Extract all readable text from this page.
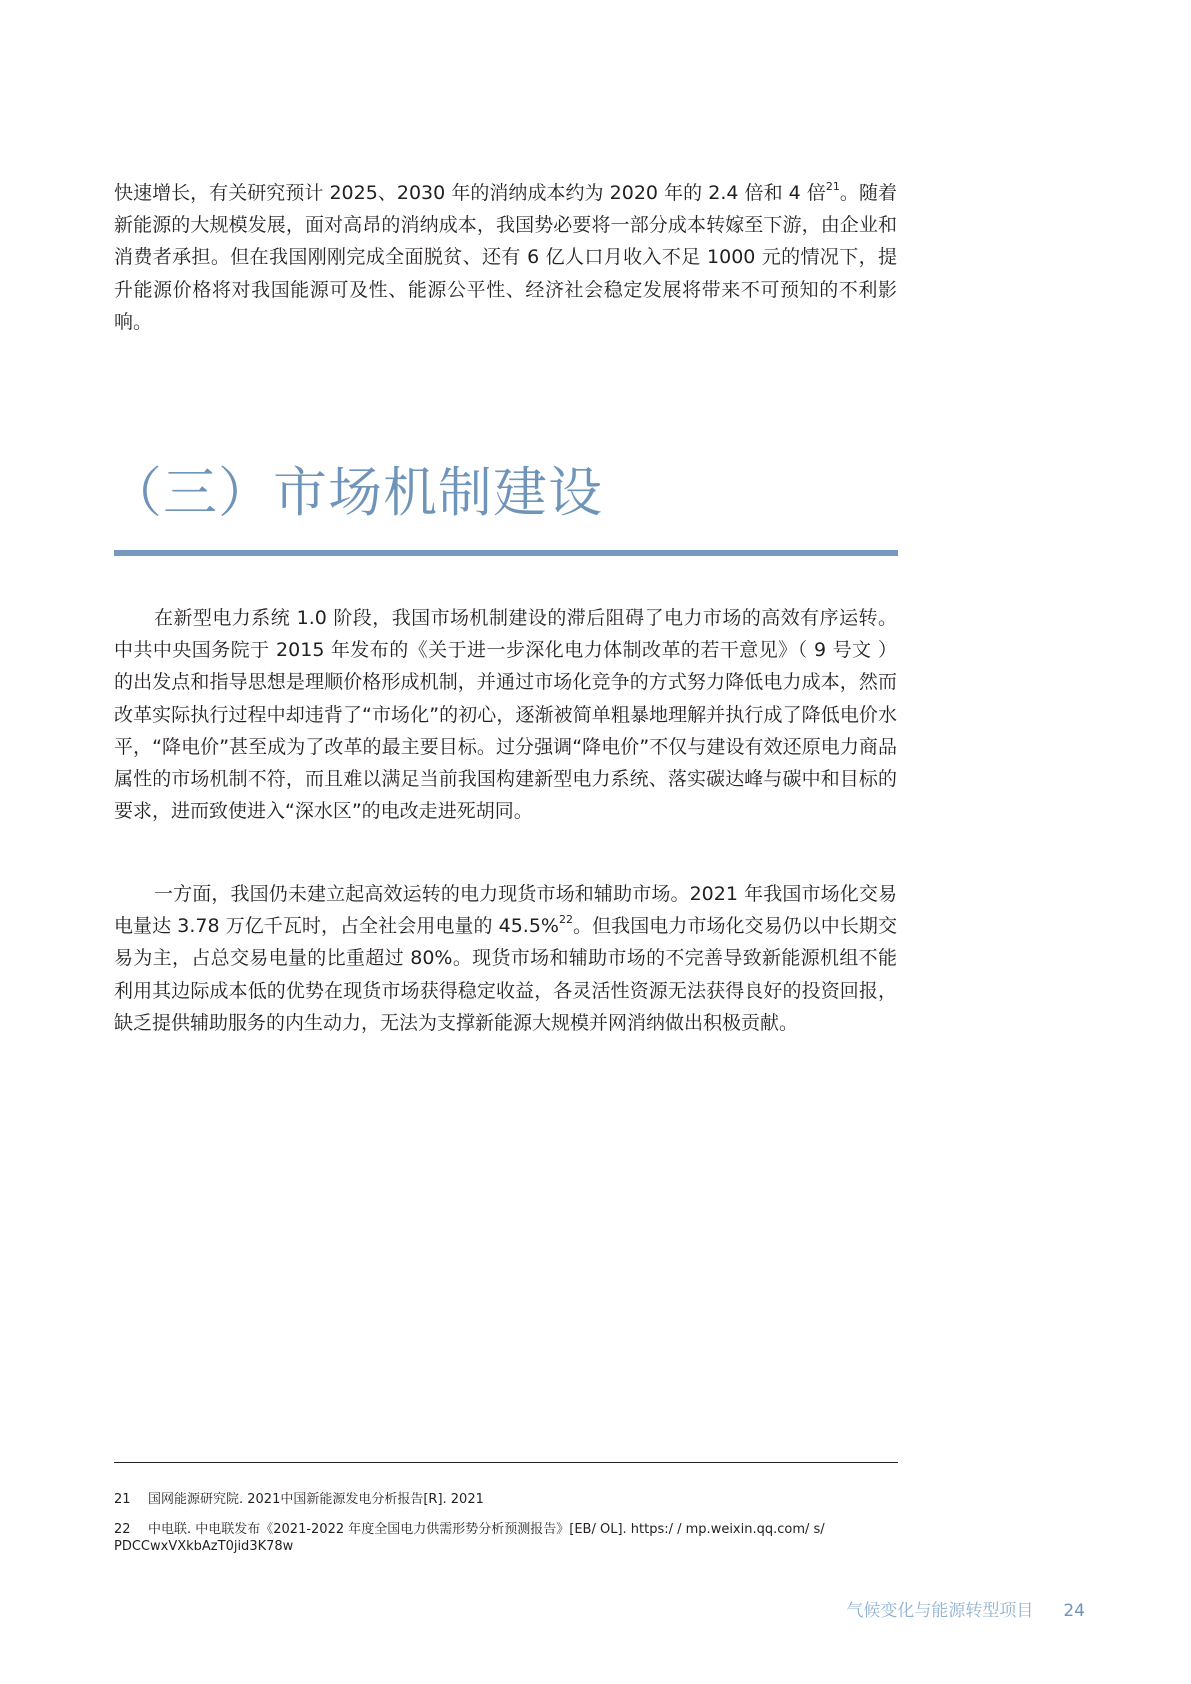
快速增长，有关研究预计 2025、2030 年的消纳成本约为 2020 年的 2.4 倍和 4 倍$^{21}$。随着新能源的大规模发展，面对高昂的消纳成本，我国势必要将一部分成本转嫁至下游，由企业和消费者承担。但在我国刚刚完成全面脱贫、还有 6 亿人口月收入不足 1000 元的情况下，提升能源价格将对我国能源可及性、能源公平性、经济社会稳定发展将带来不可预知的不利影响。

（三）市场机制建设

在新型电力系统 1.0 阶段，我国市场机制建设的滞后阻碍了电力市场的高效有序运转。中共中央国务院于 2015 年发布的《关于进一步深化电力体制改革的若干意见》（ 9 号文 ）的出发点和指导思想是理顺价格形成机制，并通过市场化竞争的方式努力降低电力成本，然而改革实际执行过程中却违背了“市场化”的初心，逐渐被简单粗暴地理解并执行成了降低电价水平，“降电价”甚至成为了改革的最主要目标。过分强调“降电价”不仅与建设有效还原电力商品属性的市场机制不符，而且难以满足当前我国构建新型电力系统、落实碳达峰与碳中和目标的要求，进而致使进入“深水区”的电改走进死胡同。

一方面，我国仍未建立起高效运转的电力现货市场和辅助市场。2021 年我国市场化交易电量达 3.78 万亿千瓦时，占全社会用电量的 45.5%$^{22}$。但我国电力市场化交易仍以中长期交易为主，占总交易电量的比重超过 80%。现货市场和辅助市场的不完善导致新能源机组不能利用其边际成本低的优势在现货市场获得稳定收益，各灵活性资源无法获得良好的投资回报，缺乏提供辅助服务的内生动力，无法为支撑新能源大规模并网消纳做出积极贡献。

21 国网能源研究院. 2021中国新能源发电分析报告[R]. 2021

22 中电联. 中电联发布《2021-2022 年度全国电力供需形势分析预测报告》[EB/ OL]. https:/ / mp.weixin.qq.com/ s/ PDCCwxVXkbAzT0jid3K78w

气候变化与能源转型项目 24
